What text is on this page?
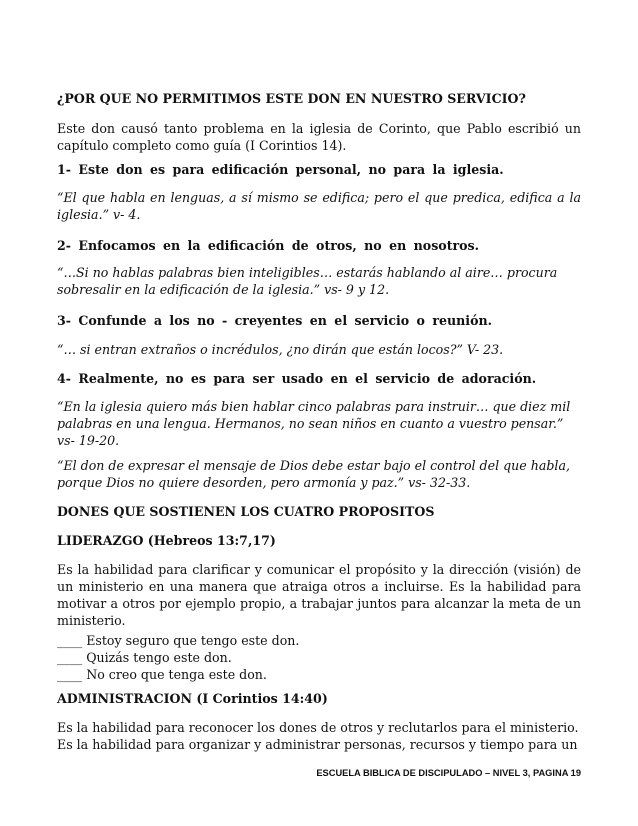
¿POR QUE NO PERMITIMOS ESTE DON EN NUESTRO SERVICIO?

Este don causó tanto problema en la iglesia de Corinto, que Pablo escribió un capítulo completo como guía (I Corintios 14).

1- Este don es para edificación personal, no para la iglesia.

“El que habla en lenguas, a sí mismo se edifica; pero el que predica, edifica a la iglesia.” v- 4.

2- Enfocamos en la edificación de otros, no en nosotros.

“…Si no hablas palabras bien inteligibles… estarás hablando al aire… procura sobresalir en la edificación de la iglesia.” vs- 9 y 12.

3- Confunde a los no - creyentes en el servicio o reunión.

“… si entran extraños o incrédulos, ¿no dirán que están locos?” V- 23.

4- Realmente, no es para ser usado en el servicio de adoración.

“En la iglesia quiero más bien hablar cinco palabras para instruir… que diez mil palabras en una lengua. Hermanos, no sean niños en cuanto a vuestro pensar.” vs- 19-20.

“El don de expresar el mensaje de Dios debe estar bajo el control del que habla, porque Dios no quiere desorden, pero armonía y paz.” vs- 32-33.

DONES QUE SOSTIENEN LOS CUATRO PROPOSITOS

LIDERAZGO (Hebreos 13:7,17)

Es la habilidad para clarificar y comunicar el propósito y la dirección (visión) de un ministerio en una manera que atraiga otros a incluirse. Es la habilidad para motivar a otros por ejemplo propio, a trabajar juntos para alcanzar la meta de un ministerio.

____ Estoy seguro que tengo este don.
____ Quizás tengo este don.
____ No creo que tenga este don.

ADMINISTRACION (I Corintios 14:40)

Es la habilidad para reconocer los dones de otros y reclutarlos para el ministerio.
Es la habilidad para organizar y administrar personas, recursos y tiempo para un
ESCUELA BIBLICA DE DISCIPULADO – NIVEL 3, PAGINA 19
